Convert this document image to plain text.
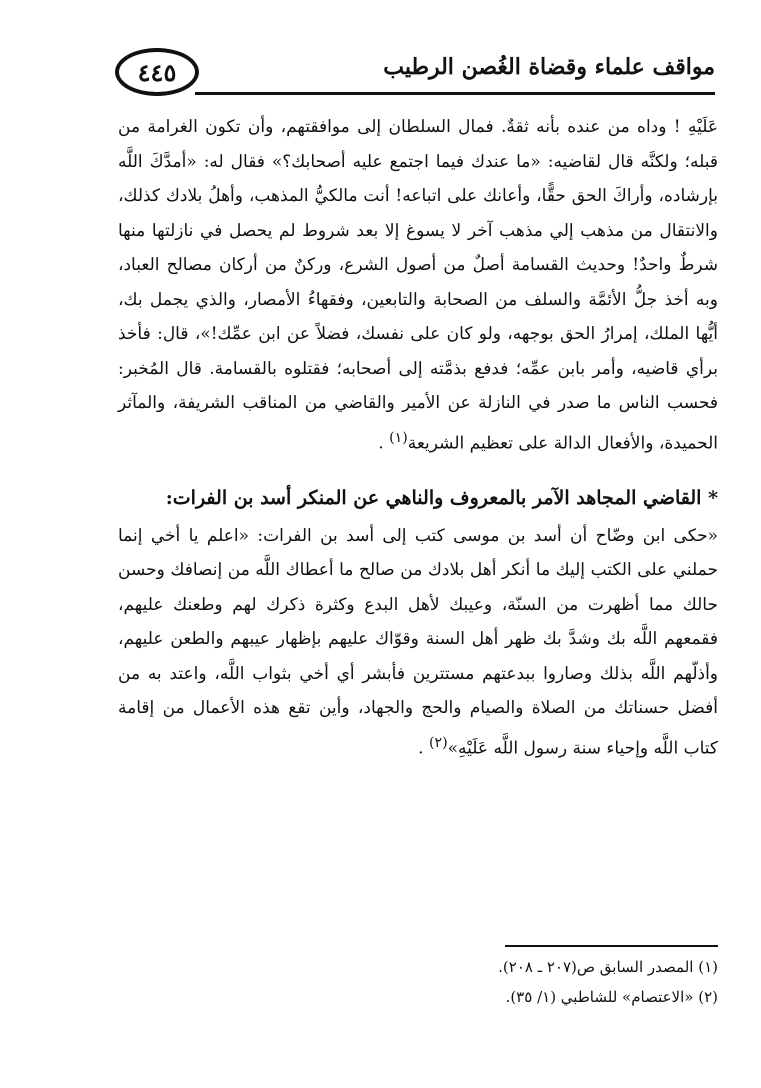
٤٤٥	مواقف علماء وقضاة الغُصن الرطيب

عَلَيْهِ ! وداه من عنده بأنه ثقةٌ. فمال السلطان إلى موافقتهم، وأن تكون الغرامة من قبله؛ ولكنَّه قال لقاضيه: «ما عندك فيما اجتمع عليه أصحابك؟» فقال له: «أمدَّكَ اللَّه بإرشاده، وأراكَ الحق حقًّا، وأعانك على اتباعه! أنت مالكيُّ المذهب، وأهلُ بلادك كذلك، والانتقال من مذهب إلي مذهب آخر لا يسوغ إلا بعد شروط لم يحصل في نازلتها منها شرطٌ واحدٌ! وحديث القسامة أصلٌ من أصول الشرع، وركنٌ من أركان مصالح العباد، وبه أخذ جلُّ الأئمَّة والسلف من الصحابة والتابعين، وفقهاءُ الأمصار، والذي يجمل بك، أيُّها الملك، إمرارُ الحق بوجهه، ولو كان على نفسك، فضلاً عن ابن عمِّك!»، قال: فأخذ برأي قاضيه، وأمر بابن عمِّه؛ فدفع بذمَّته إلى أصحابه؛ فقتلوه بالقسامة. قال المُخبر: فحسب الناس ما صدر في النازلة عن الأمير والقاضي من المناقب الشريفة، والمآثر الحميدة، والأفعال الدالة على تعظيم الشريعة$^{(١)}$ .

* القاضي المجاهد الآمر بالمعروف والناهي عن المنكر أسد بن الفرات:

«حكى ابن وضّاح أن أسد بن موسى كتب إلى أسد بن الفرات: «اعلم يا أخي إنما حملني على الكتب إليك ما أنكر أهل بلادك من صالح ما أعطاك اللَّه من إنصافك وحسن حالك مما أظهرت من السنّة، وعيبك لأهل البدع وكثرة ذكرك لهم وطعنك عليهم، فقمعهم اللَّه بك وشدَّ بك ظهر أهل السنة وقوّاك عليهم بإظهار عيبهم والطعن عليهم، وأذلّهم اللَّه بذلك وصاروا ببدعتهم مستترين فأبشر أي أخي بثواب اللَّه، واعتد به من أفضل حسناتك من الصلاة والصيام والحج والجهاد، وأين تقع هذه الأعمال من إقامة كتاب اللَّه وإحياء سنة رسول اللَّه عَلَيْهِ»$^{(٢)}$ .

(١) المصدر السابق ص(٢٠٧ ـ ٢٠٨).

(٢) «الاعتصام» للشاطبي (١/ ٣٥).
